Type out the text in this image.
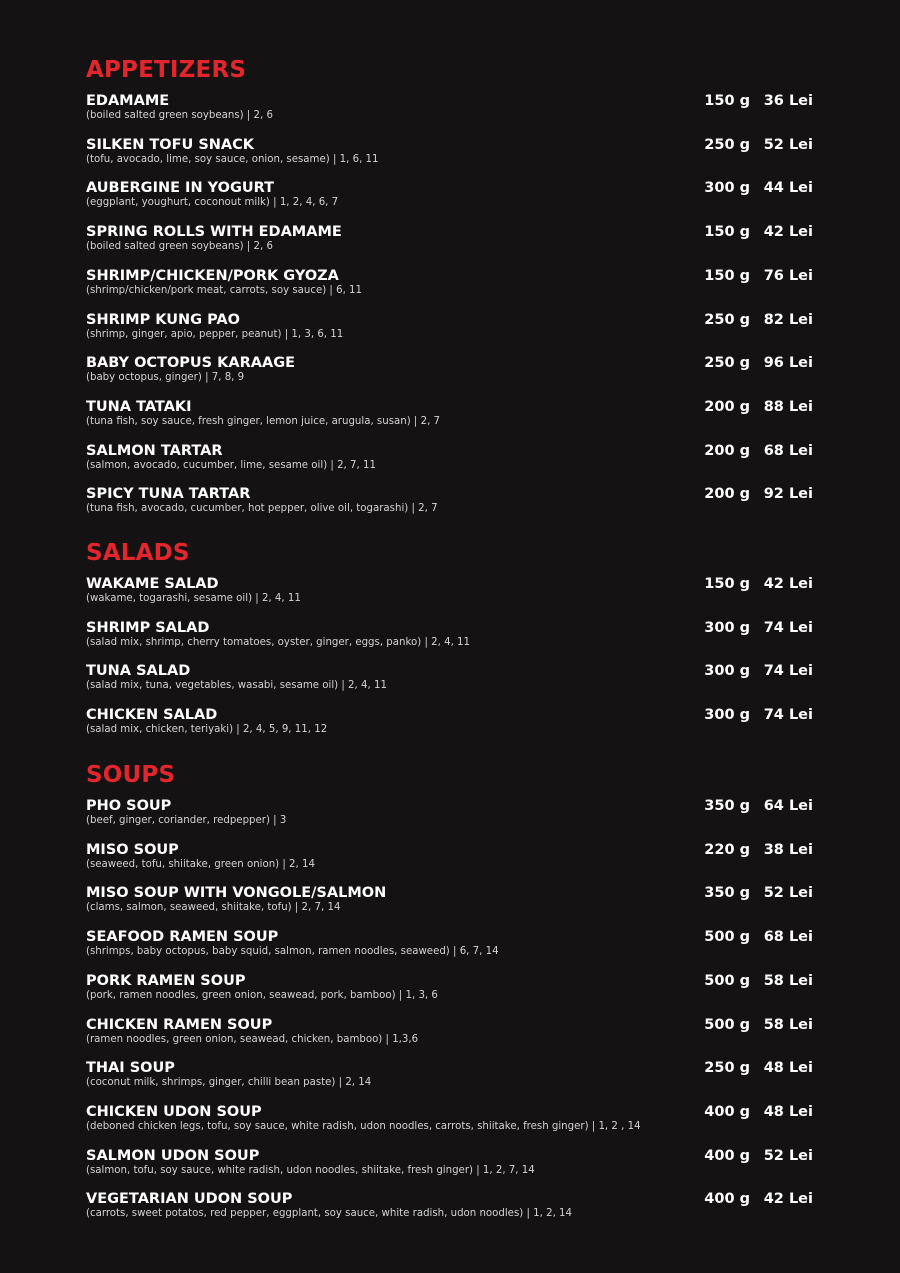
APPETIZERS
EDAMAME
(boiled salted green soybeans) | 2, 6
150 g 36 Lei
SILKEN TOFU SNACK
(tofu, avocado, lime, soy sauce, onion, sesame) | 1, 6, 11
250 g 52 Lei
AUBERGINE IN YOGURT
(eggplant, youghurt, coconout milk) | 1, 2, 4, 6, 7
300 g 44 Lei
SPRING ROLLS WITH EDAMAME
(boiled salted green soybeans) | 2, 6
150 g 42 Lei
SHRIMP/CHICKEN/PORK GYOZA
(shrimp/chicken/pork meat, carrots, soy sauce) | 6, 11
150 g 76 Lei
SHRIMP KUNG PAO
(shrimp, ginger, apio, pepper, peanut) | 1, 3, 6, 11
250 g 82 Lei
BABY OCTOPUS KARAAGE
(baby octopus, ginger) | 7, 8, 9
250 g 96 Lei
TUNA TATAKI
(tuna fish, soy sauce, fresh ginger, lemon juice, arugula, susan) | 2, 7
200 g 88 Lei
SALMON TARTAR
(salmon, avocado, cucumber, lime, sesame oil) | 2, 7, 11
200 g 68 Lei
SPICY TUNA TARTAR
(tuna fish, avocado, cucumber, hot pepper, olive oil, togarashi) | 2, 7
200 g 92 Lei
SALADS
WAKAME SALAD
(wakame, togarashi, sesame oil) | 2, 4, 11
150 g 42 Lei
SHRIMP SALAD
(salad mix, shrimp, cherry tomatoes, oyster, ginger, eggs, panko) | 2, 4, 11
300 g 74 Lei
TUNA SALAD
(salad mix, tuna, vegetables, wasabi, sesame oil) | 2, 4, 11
300 g 74 Lei
CHICKEN SALAD
(salad mix, chicken, teriyaki) | 2, 4, 5, 9, 11, 12
300 g 74 Lei
SOUPS
PHO SOUP
(beef, ginger, coriander, redpepper) | 3
350 g 64 Lei
MISO SOUP
(seaweed, tofu, shiitake, green onion) | 2, 14
220 g 38 Lei
MISO SOUP WITH VONGOLE/SALMON
(clams, salmon, seaweed, shiitake, tofu) | 2, 7, 14
350 g 52 Lei
SEAFOOD RAMEN SOUP
(shrimps, baby octopus, baby squid, salmon, ramen noodles, seaweed) | 6, 7, 14
500 g 68 Lei
PORK RAMEN SOUP
(pork, ramen noodles, green onion, seawead, pork, bamboo) | 1, 3, 6
500 g 58 Lei
CHICKEN RAMEN SOUP
(ramen noodles, green onion, seawead, chicken, bamboo) | 1,3,6
500 g 58 Lei
THAI SOUP
(coconut milk, shrimps, ginger, chilli bean paste) | 2, 14
250 g 48 Lei
CHICKEN UDON SOUP
(deboned chicken legs, tofu, soy sauce, white radish, udon noodles, carrots, shiitake, fresh ginger) | 1, 2 , 14
400 g 48 Lei
SALMON UDON SOUP
(salmon, tofu, soy sauce, white radish, udon noodles, shiitake, fresh ginger) | 1, 2, 7, 14
400 g 52 Lei
VEGETARIAN UDON SOUP
(carrots, sweet potatos, red pepper, eggplant, soy sauce, white radish, udon noodles) | 1, 2, 14
400 g 42 Lei
